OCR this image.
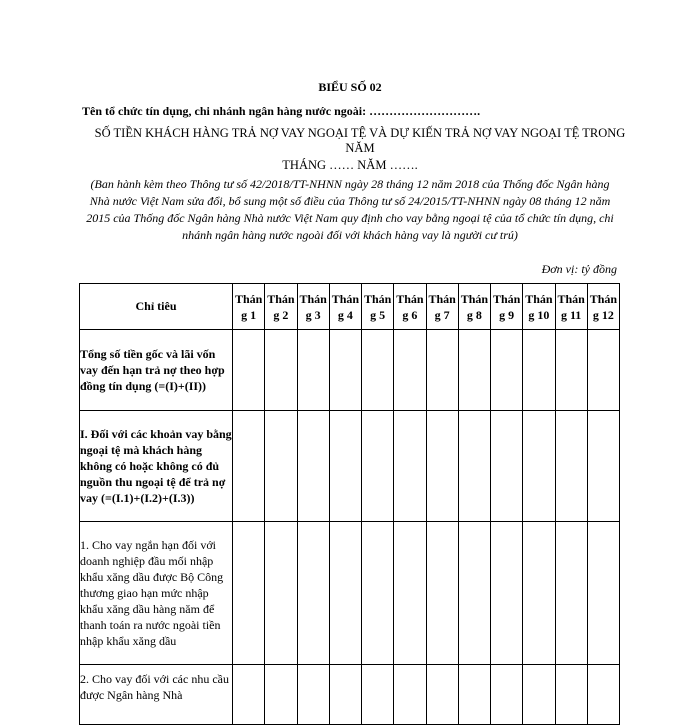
BIỂU SỐ 02
Tên tổ chức tín dụng, chi nhánh ngân hàng nước ngoài: ……………………….
SỐ TIỀN KHÁCH HÀNG TRẢ NỢ VAY NGOẠI TỆ VÀ DỰ KIẾN TRẢ NỢ VAY NGOẠI TỆ TRONG NĂM
THÁNG …… NĂM …….
(Ban hành kèm theo Thông tư số 42/2018/TT-NHNN ngày 28 tháng 12 năm 2018 của Thống đốc Ngân hàng Nhà nước Việt Nam sửa đổi, bổ sung một số điều của Thông tư số 24/2015/TT-NHNN ngày 08 tháng 12 năm 2015 của Thống đốc Ngân hàng Nhà nước Việt Nam quy định cho vay bằng ngoại tệ của tổ chức tín dụng, chi nhánh ngân hàng nước ngoài đối với khách hàng vay là người cư trú)
Đơn vị: tỷ đồng
Chỉ tiêu	Tháng 1	Tháng 2	Tháng 3	Tháng 4	Tháng 5	Tháng 6	Tháng 7	Tháng 8	Tháng 9	Tháng 10	Tháng 11	Tháng 12
Tổng số tiền gốc và lãi vốn vay đến hạn trả nợ theo hợp đồng tín dụng (=(I)+(II))												
I. Đối với các khoản vay bằng ngoại tệ mà khách hàng không có hoặc không có đủ nguồn thu ngoại tệ để trả nợ vay (=(I.1)+(I.2)+(I.3))												
1. Cho vay ngắn hạn đối với doanh nghiệp đầu mối nhập khẩu xăng dầu được Bộ Công thương giao hạn mức nhập khẩu xăng dầu hàng năm để thanh toán ra nước ngoài tiền nhập khẩu xăng dầu												
2. Cho vay đối với các nhu cầu được Ngân hàng Nhà												
